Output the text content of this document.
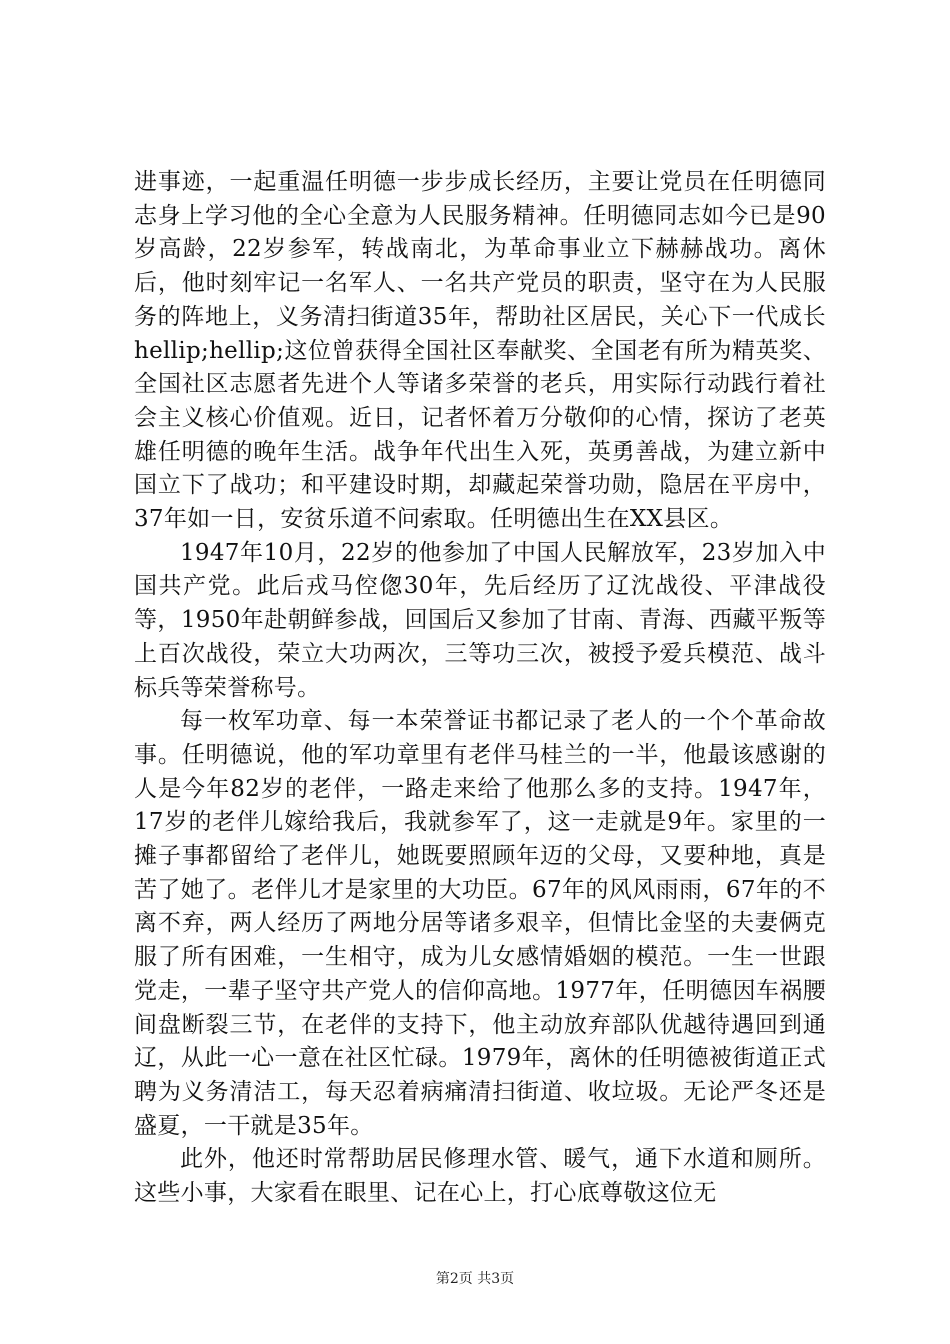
进事迹，一起重温任明德一步步成长经历，主要让党员在任明德同志身上学习他的全心全意为人民服务精神。任明德同志如今已是90岁高龄，22岁参军，转战南北，为革命事业立下赫赫战功。离休后，他时刻牢记一名军人、一名共产党员的职责，坚守在为人民服务的阵地上，义务清扫街道35年，帮助社区居民，关心下一代成长hellip;hellip;这位曾获得全国社区奉献奖、全国老有所为精英奖、全国社区志愿者先进个人等诸多荣誉的老兵，用实际行动践行着社会主义核心价值观。近日，记者怀着万分敬仰的心情，探访了老英雄任明德的晚年生活。战争年代出生入死，英勇善战，为建立新中国立下了战功；和平建设时期，却藏起荣誉功勋，隐居在平房中，37年如一日，安贫乐道不问索取。任明德出生在XX县区。

1947年10月，22岁的他参加了中国人民解放军，23岁加入中国共产党。此后戎马倥偬30年，先后经历了辽沈战役、平津战役等，1950年赴朝鲜参战，回国后又参加了甘南、青海、西藏平叛等上百次战役，荣立大功两次，三等功三次，被授予爱兵模范、战斗标兵等荣誉称号。

每一枚军功章、每一本荣誉证书都记录了老人的一个个革命故事。任明德说，他的军功章里有老伴马桂兰的一半，他最该感谢的人是今年82岁的老伴，一路走来给了他那么多的支持。1947年，17岁的老伴儿嫁给我后，我就参军了，这一走就是9年。家里的一摊子事都留给了老伴儿，她既要照顾年迈的父母，又要种地，真是苦了她了。老伴儿才是家里的大功臣。67年的风风雨雨，67年的不离不弃，两人经历了两地分居等诸多艰辛，但情比金坚的夫妻俩克服了所有困难，一生相守，成为儿女感情婚姻的模范。一生一世跟党走，一辈子坚守共产党人的信仰高地。1977年，任明德因车祸腰间盘断裂三节，在老伴的支持下，他主动放弃部队优越待遇回到通辽，从此一心一意在社区忙碌。1979年，离休的任明德被街道正式聘为义务清洁工，每天忍着病痛清扫街道、收垃圾。无论严冬还是盛夏，一干就是35年。

此外，他还时常帮助居民修理水管、暖气，通下水道和厕所。这些小事，大家看在眼里、记在心上，打心底尊敬这位无

第2页 共3页
